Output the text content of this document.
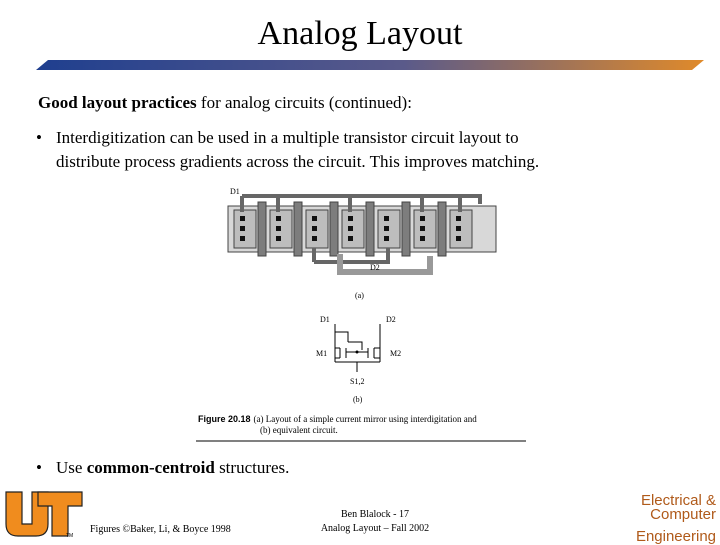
Analog Layout
Good layout practices for analog circuits (continued):
• Interdigitization can be used in a multiple transistor circuit layout to
distribute process gradients across the circuit. This improves matching.
D1
D2
(a)
D1	D2
M1	M2
S1,2
(b)
Figure 20.18 (a) Layout of a simple current mirror using interdigitation and
(b) equivalent circuit.
• Use common-centroid structures.
TM
Figures ©Baker, Li, & Boyce 1998
Ben Blalock - 17
Analog Layout – Fall 2002
Electrical &
Computer
Engineering
